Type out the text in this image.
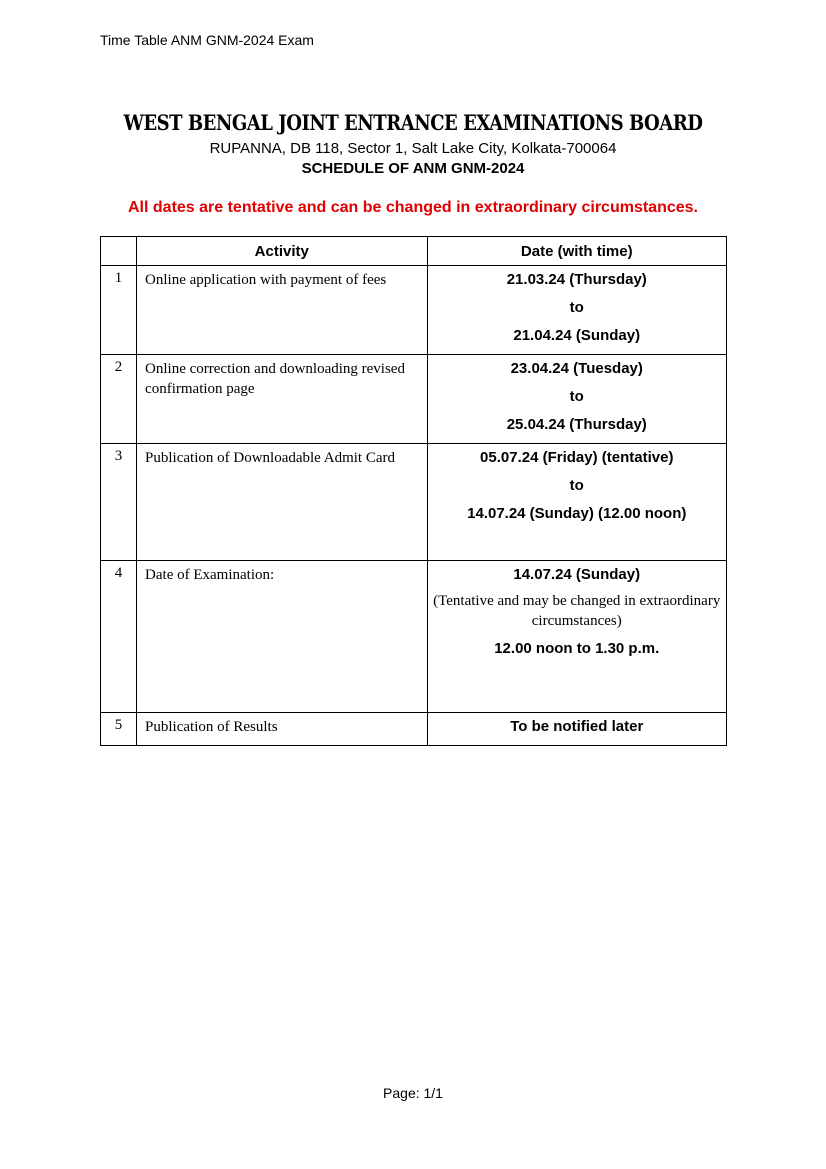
Time Table ANM GNM-2024 Exam
WEST BENGAL JOINT ENTRANCE EXAMINATIONS BOARD
RUPANNA, DB 118, Sector 1, Salt Lake City, Kolkata-700064
SCHEDULE OF ANM GNM-2024
All dates are tentative and can be changed in extraordinary circumstances.
	Activity	Date (with time)
1	Online application with payment of fees	21.03.24 (Thursday)
to
21.04.24 (Sunday)

2	Online correction and downloading revised confirmation page	23.04.24 (Tuesday)
to
25.04.24 (Thursday)

3	Publication of Downloadable Admit Card	05.07.24 (Friday) (tentative)
to
14.07.24 (Sunday) (12.00 noon)

4	Date of Examination:	14.07.24 (Sunday)
(Tentative and may be changed in extraordinary circumstances)
12.00 noon to 1.30 p.m.

5	Publication of Results	To be notified later
Page: 1/1
